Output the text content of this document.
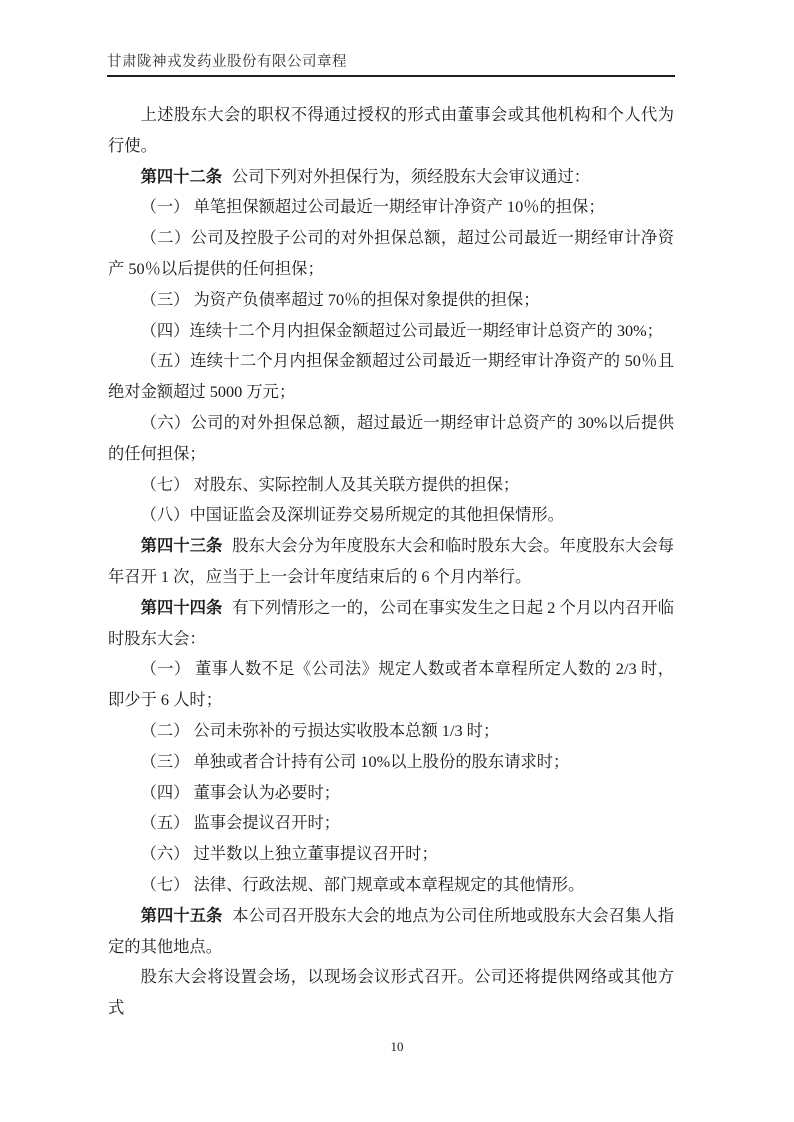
甘肃陇神戎发药业股份有限公司章程

上述股东大会的职权不得通过授权的形式由董事会或其他机构和个人代为行使。

第四十二条 公司下列对外担保行为，须经股东大会审议通过：

（一） 单笔担保额超过公司最近一期经审计净资产 10％的担保；

（二）公司及控股子公司的对外担保总额，超过公司最近一期经审计净资产 50％以后提供的任何担保；

（三） 为资产负债率超过 70％的担保对象提供的担保；

（四）连续十二个月内担保金额超过公司最近一期经审计总资产的 30%；

（五）连续十二个月内担保金额超过公司最近一期经审计净资产的 50％且绝对金额超过 5000 万元；

（六）公司的对外担保总额，超过最近一期经审计总资产的 30%以后提供的任何担保；

（七） 对股东、实际控制人及其关联方提供的担保；

（八）中国证监会及深圳证券交易所规定的其他担保情形。

第四十三条 股东大会分为年度股东大会和临时股东大会。年度股东大会每年召开 1 次，应当于上一会计年度结束后的 6 个月内举行。

第四十四条 有下列情形之一的，公司在事实发生之日起 2 个月以内召开临时股东大会：

（一） 董事人数不足《公司法》规定人数或者本章程所定人数的 2/3 时，即少于 6 人时；

（二） 公司未弥补的亏损达实收股本总额 1/3 时；

（三） 单独或者合计持有公司 10%以上股份的股东请求时；

（四） 董事会认为必要时；

（五） 监事会提议召开时；

（六） 过半数以上独立董事提议召开时；

（七） 法律、行政法规、部门规章或本章程规定的其他情形。

第四十五条 本公司召开股东大会的地点为公司住所地或股东大会召集人指定的其他地点。

股东大会将设置会场，以现场会议形式召开。公司还将提供网络或其他方式

10
